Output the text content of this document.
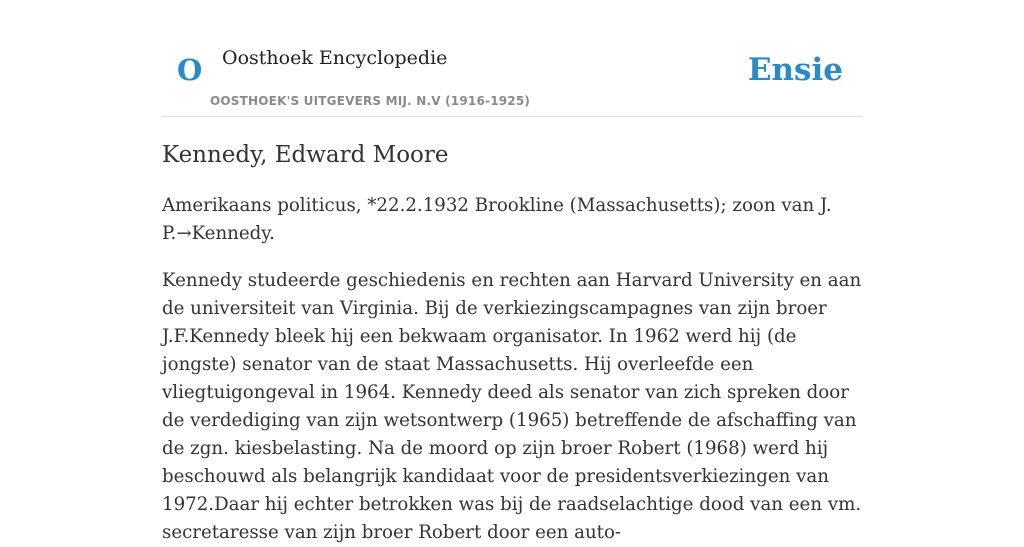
O Oosthoek Encyclopedie
OOSTHOEK'S UITGEVERS MIJ. N.V (1916-1925)
Ensie
Kennedy, Edward Moore

Amerikaans politicus, *22.2.1932 Brookline (Massachusetts); zoon van J. P.→Kennedy.

Kennedy studeerde geschiedenis en rechten aan Harvard University en aan de universiteit van Virginia. Bij de verkiezingscampagnes van zijn broer J.F.Kennedy bleek hij een bekwaam organisator. In 1962 werd hij (de jongste) senator van de staat Massachusetts. Hij overleefde een vliegtuigongeval in 1964. Kennedy deed als senator van zich spreken door de verdediging van zijn wetsontwerp (1965) betreffende de afschaffing van de zgn. kiesbelasting. Na de moord op zijn broer Robert (1968) werd hij beschouwd als belangrijk kandidaat voor de presidentsverkiezingen van 1972.Daar hij echter betrokken was bij de raadselachtige dood van een vm. secretaresse van zijn broer Robert door een auto-
